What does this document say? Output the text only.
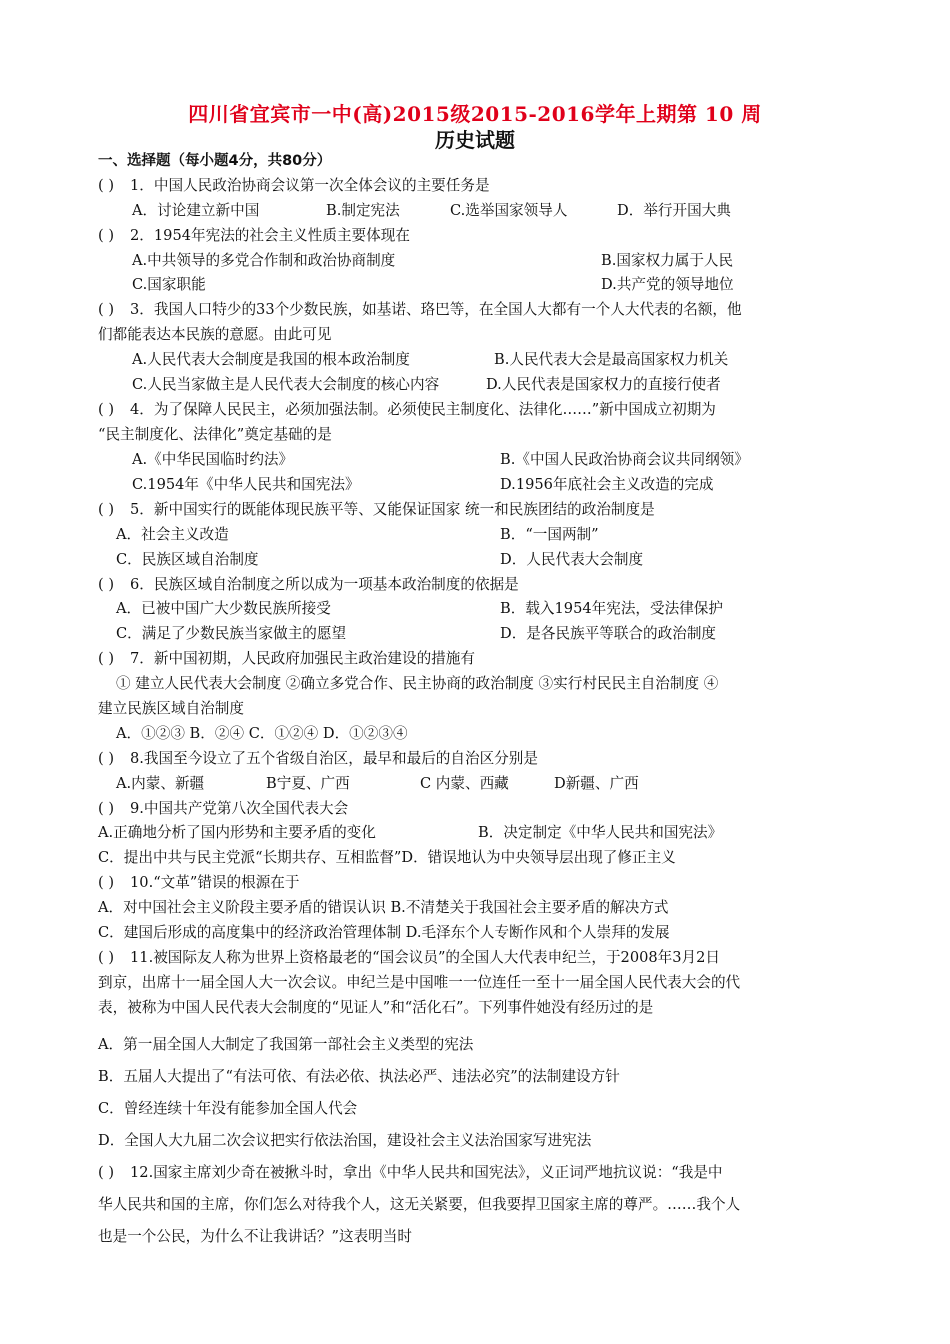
四川省宜宾市一中(高)2015级2015-2016学年上期第 10 周
历史试题
一、选择题（每小题4分，共80分）
( ) 1．中国人民政治协商会议第一次全体会议的主要任务是
A．讨论建立新中国	B.制定宪法	C.选举国家领导人	D．举行开国大典
( ) 2．1954年宪法的社会主义性质主要体现在
A.中共领导的多党合作制和政治协商制度	B.国家权力属于人民
C.国家职能	D.共产党的领导地位
( ) 3．我国人口特少的33个少数民族，如基诺、珞巴等，在全国人大都有一个人大代表的名额，他
们都能表达本民族的意愿。由此可见
A.人民代表大会制度是我国的根本政治制度	B.人民代表大会是最高国家权力机关
C.人民当家做主是人民代表大会制度的核心内容	D.人民代表是国家权力的直接行使者
( ) 4．为了保障人民民主，必须加强法制。必须使民主制度化、法律化……”新中国成立初期为
“民主制度化、法律化”奠定基础的是
A.《中华民国临时约法》	B.《中国人民政治协商会议共同纲领》
C.1954年《中华人民共和国宪法》	D.1956年底社会主义改造的完成
( ) 5．新中国实行的既能体现民族平等、又能保证国家 统一和民族团结的政治制度是
A．社会主义改造	B．“一国两制”
C．民族区域自治制度	D．人民代表大会制度
( ) 6．民族区域自治制度之所以成为一项基本政治制度的依据是
A．已被中国广大少数民族所接受	B．载入1954年宪法，受法律保护
C．满足了少数民族当家做主的愿望	D．是各民族平等联合的政治制度
( ) 7．新中国初期，人民政府加强民主政治建设的措施有
① 建立人民代表大会制度 ②确立多党合作、民主协商的政治制度 ③实行村民民主自治制度 ④
建立民族区域自治制度
A．①②③ B．②④ C．①②④ D．①②③④
( ) 8.我国至今设立了五个省级自治区，最早和最后的自治区分别是
A.内蒙、新疆	B宁夏、广西	C 内蒙、西藏	D新疆、广西
( ) 9.中国共产党第八次全国代表大会
A.正确地分析了国内形势和主要矛盾的变化	B．决定制定《中华人民共和国宪法》
C．提出中共与民主党派“长期共存、互相监督”D．错误地认为中央领导层出现了修正主义
( ) 10.“文革”错误的根源在于
A．对中国社会主义阶段主要矛盾的错误认识 B.不清楚关于我国社会主要矛盾的解决方式
C．建国后形成的高度集中的经济政治管理体制 D.毛泽东个人专断作风和个人崇拜的发展
( ) 11.被国际友人称为世界上资格最老的“国会议员”的全国人大代表申纪兰，于2008年3月2日
到京，出席十一届全国人大一次会议。申纪兰是中国唯一一位连任一至十一届全国人民代表大会的代
表，被称为中国人民代表大会制度的“见证人”和“活化石”。下列事件她没有经历过的是
A．第一届全国人大制定了我国第一部社会主义类型的宪法
B．五届人大提出了“有法可依、有法必依、执法必严、违法必究”的法制建设方针
C．曾经连续十年没有能参加全国人代会
D．全国人大九届二次会议把实行依法治国，建设社会主义法治国家写进宪法
( ) 12.国家主席刘少奇在被揪斗时，拿出《中华人民共和国宪法》，义正词严地抗议说：“我是中
华人民共和国的主席，你们怎么对待我个人，这无关紧要，但我要捍卫国家主席的尊严。……我个人
也是一个公民，为什么不让我讲话？”这表明当时
